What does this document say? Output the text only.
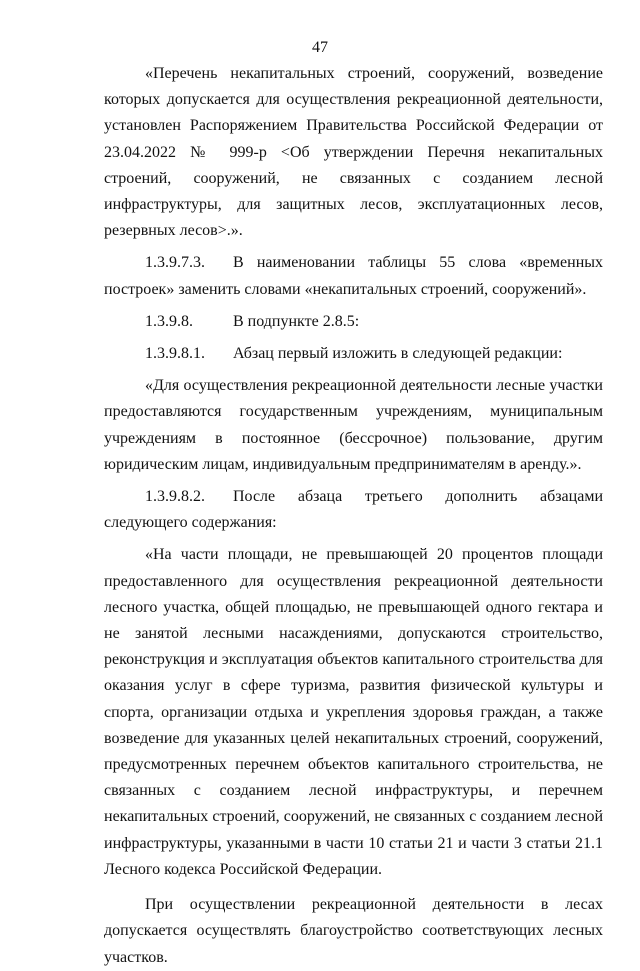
47

«Перечень некапитальных строений, сооружений, возведение которых допускается для осуществления рекреационной деятельности, установлен Распоряжением Правительства Российской Федерации от 23.04.2022 № 999-р <Об утверждении Перечня некапитальных строений, сооружений, не связанных с созданием лесной инфраструктуры, для защитных лесов, эксплуатационных лесов, резервных лесов>.».

1.3.9.7.3. В наименовании таблицы 55 слова «временных построек» заменить словами «некапитальных строений, сооружений».

1.3.9.8.	В подпункте 2.8.5:

1.3.9.8.1. Абзац первый изложить в следующей редакции:

«Для осуществления рекреационной деятельности лесные участки предоставляются государственным учреждениям, муниципальным учреждениям в постоянное (бессрочное) пользование, другим юридическим лицам, индивидуальным предпринимателям в аренду.».

1.3.9.8.2. После абзаца третьего дополнить абзацами следующего содержания:

«На части площади, не превышающей 20 процентов площади предоставленного для осуществления рекреационной деятельности лесного участка, общей площадью, не превышающей одного гектара и не занятой лесными насаждениями, допускаются строительство, реконструкция и эксплуатация объектов капитального строительства для оказания услуг в сфере туризма, развития физической культуры и спорта, организации отдыха и укрепления здоровья граждан, а также возведение для указанных целей некапитальных строений, сооружений, предусмотренных перечнем объектов капитального строительства, не связанных с созданием лесной инфраструктуры, и перечнем некапитальных строений, сооружений, не связанных с созданием лесной инфраструктуры, указанными в части 10 статьи 21 и части 3 статьи 21.1 Лесного кодекса Российской Федерации.

При осуществлении рекреационной деятельности в лесах допускается осуществлять благоустройство соответствующих лесных участков.
